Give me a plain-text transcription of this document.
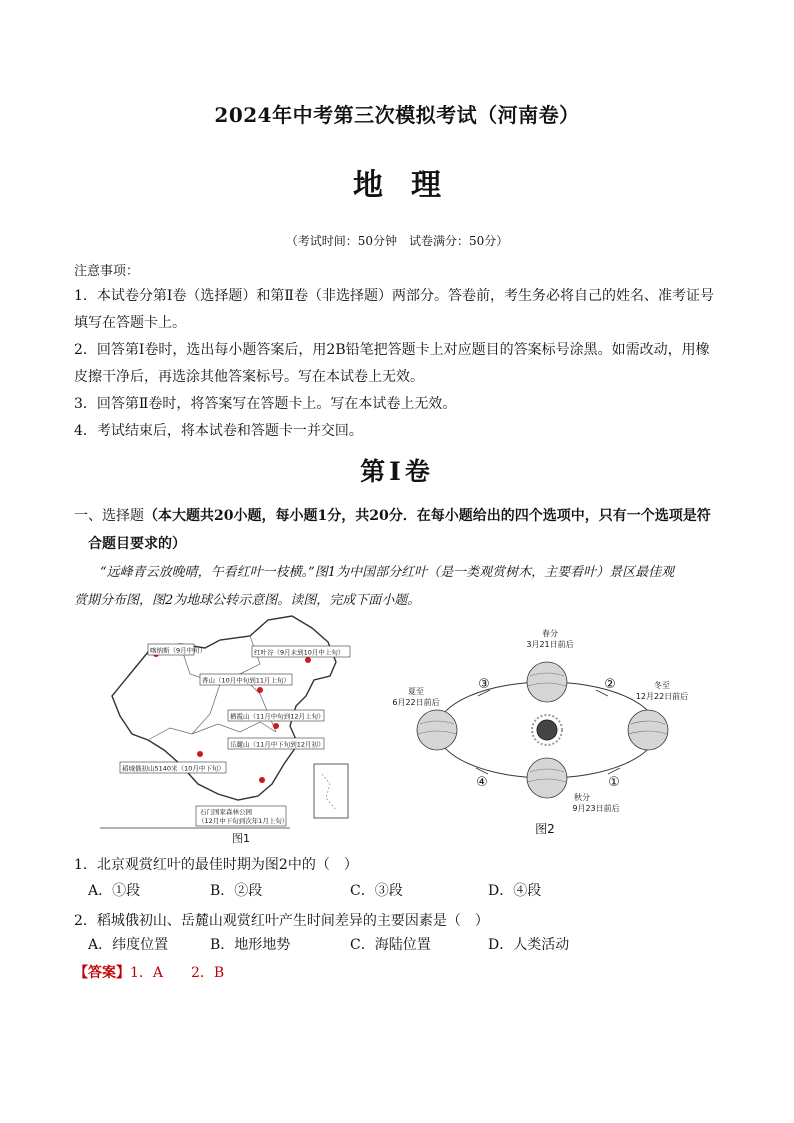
2024年中考第三次模拟考试（河南卷）
地理
（考试时间：50分钟　试卷满分：50分）
注意事项：
1．本试卷分第Ⅰ卷（选择题）和第Ⅱ卷（非选择题）两部分。答卷前，考生务必将自己的姓名、准考证号
填写在答题卡上。
2．回答第Ⅰ卷时，选出每小题答案后，用2B铅笔把答题卡上对应题目的答案标号涂黑。如需改动，用橡
皮擦干净后，再选涂其他答案标号。写在本试卷上无效。
3．回答第Ⅱ卷时，将答案写在答题卡上。写在本试卷上无效。
4．考试结束后，将本试卷和答题卡一并交回。
第Ⅰ卷
一、选择题（本大题共20小题，每小题1分，共20分．在每小题给出的四个选项中，只有一个选项是符
合题目要求的）
“远峰青云放晚晴，午看红叶一枝横。”图1为中国部分红叶（是一类观赏树木，主要看叶）景区最佳观
赏期分布图，图2为地球公转示意图。读图，完成下面小题。
喀纳斯（9月中旬）	红叶谷（9月末到10月中上旬）
香山（10月中旬到11月上旬）
栖霞山（11月中旬到12月上旬）
岳麓山（11月中下旬到12月初）
稻城俄初山5140米（10月中下旬）
石门国家森林公园
（12月中下旬到次年1月上旬）
图1
春分
3月21日前后
夏至
6月22日前后
冬至
12月22日前后
秋分
9月23日前后
②
③
④	①
图2
1．北京观赏红叶的最佳时期为图2中的（　）
A．①段	B．②段	C．③段	D．④段
2．稻城俄初山、岳麓山观赏红叶产生时间差异的主要因素是（　）
A．纬度位置	B．地形地势	C．海陆位置	D．人类活动
【答案】1．A　　2．B
